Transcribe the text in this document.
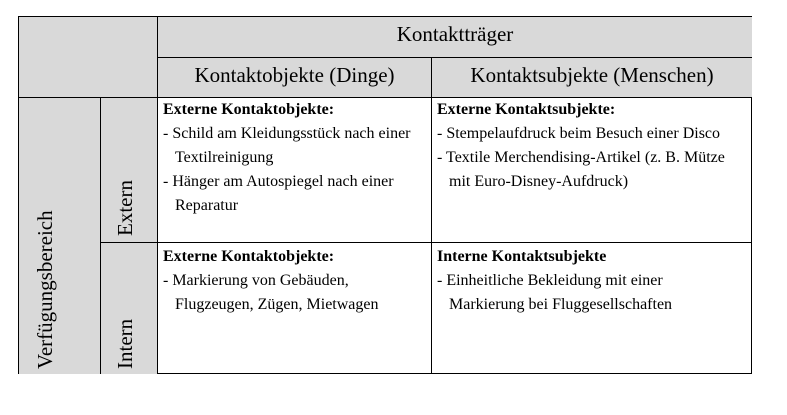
Kontaktträger
Kontaktobjekte (Dinge)	Kontaktsubjekte (Menschen)
Verfügungsbereich
Extern
Intern
Externe Kontaktobjekte:
- Schild am Kleidungsstück nach einer Textilreinigung
- Hänger am Autospiegel nach einer Reparatur
Externe Kontaktsubjekte:
- Stempelaufdruck beim Besuch einer Disco
- Textile Merchendising-Artikel (z. B. Mütze mit Euro-Disney-Aufdruck)
Externe Kontaktobjekte:
- Markierung von Gebäuden, Flugzeugen, Zügen, Mietwagen
Interne Kontaktsubjekte
- Einheitliche Bekleidung mit einer Markierung bei Fluggesellschaften
